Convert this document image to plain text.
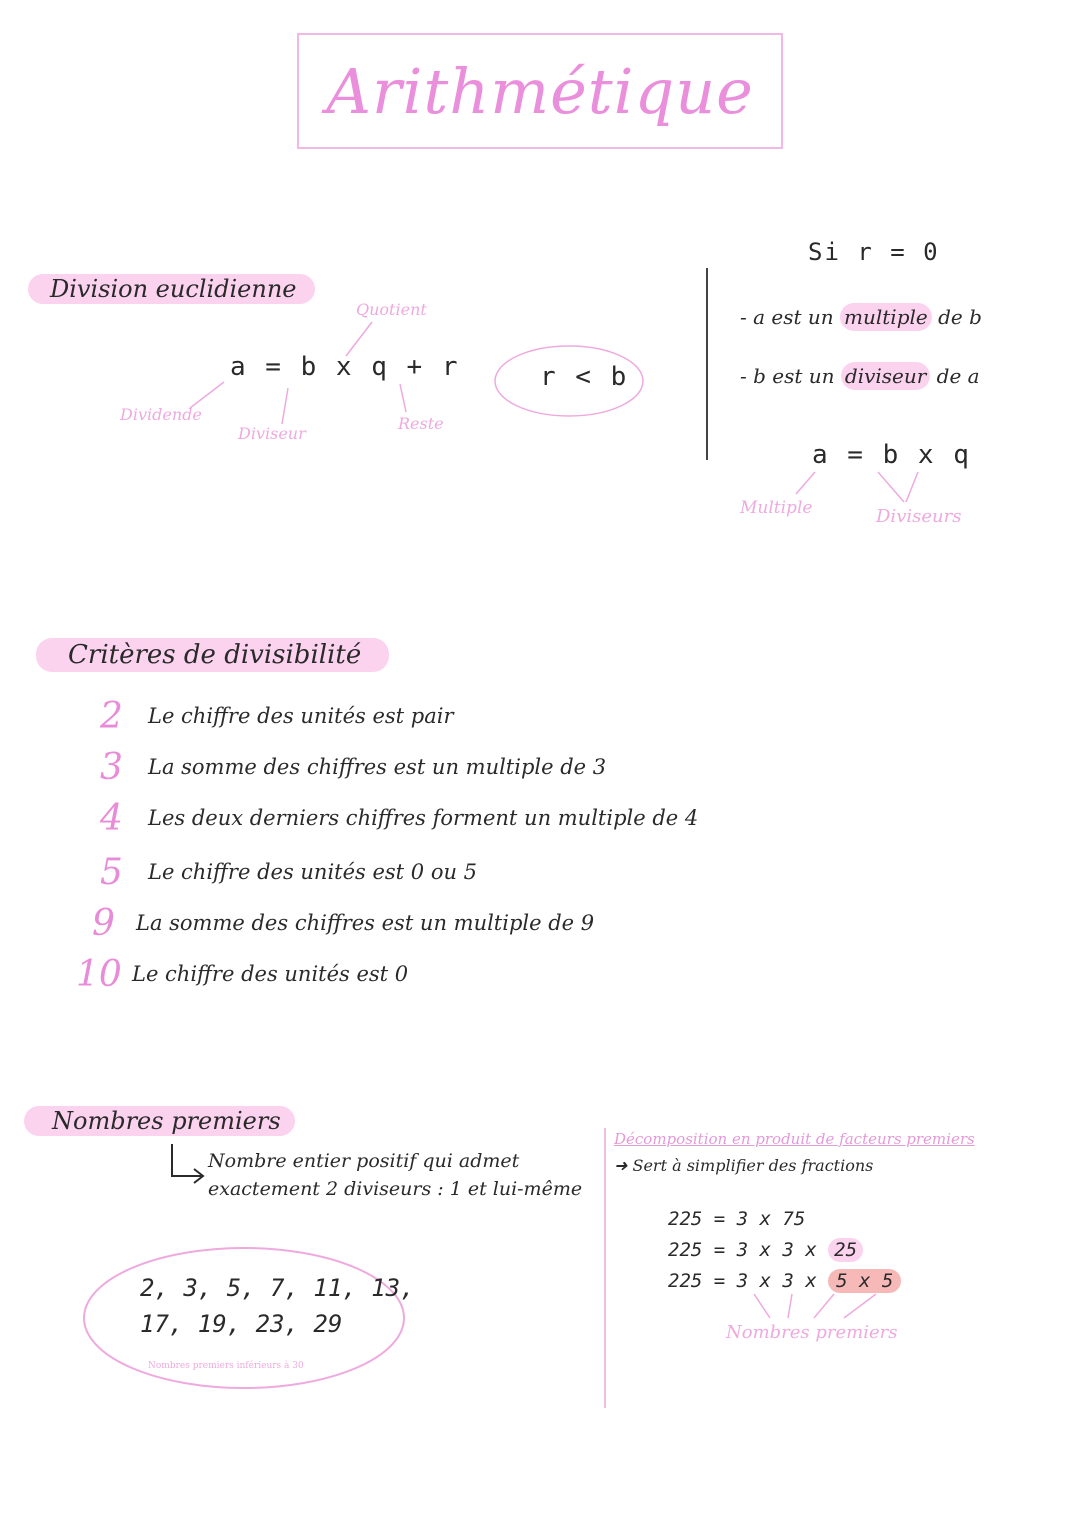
Arithmétique
Division euclidienne
Quotient
a = b x q + r
Dividende
Diviseur
Reste
r < b
Si r = 0
- a est un multiple de b
- b est un diviseur de a
a = b x q
Multiple	Diviseurs
Critères de divisibilité
2	Le chiffre des unités est pair
3	La somme des chiffres est un multiple de 3
4	Les deux derniers chiffres forment un multiple de 4
5	Le chiffre des unités est 0 ou 5
9	La somme des chiffres est un multiple de 9
10 Le chiffre des unités est 0
Nombres premiers
Nombre entier positif qui admet
exactement 2 diviseurs : 1 et lui-même
2, 3, 5, 7, 11, 13,
17, 19, 23, 29
Nombres premiers inférieurs à 30
Décomposition en produit de facteurs premiers
➜ Sert à simplifier des fractions
225 = 3 x 75
225 = 3 x 3 x 25
225 = 3 x 3 x 5 x 5
Nombres premiers
